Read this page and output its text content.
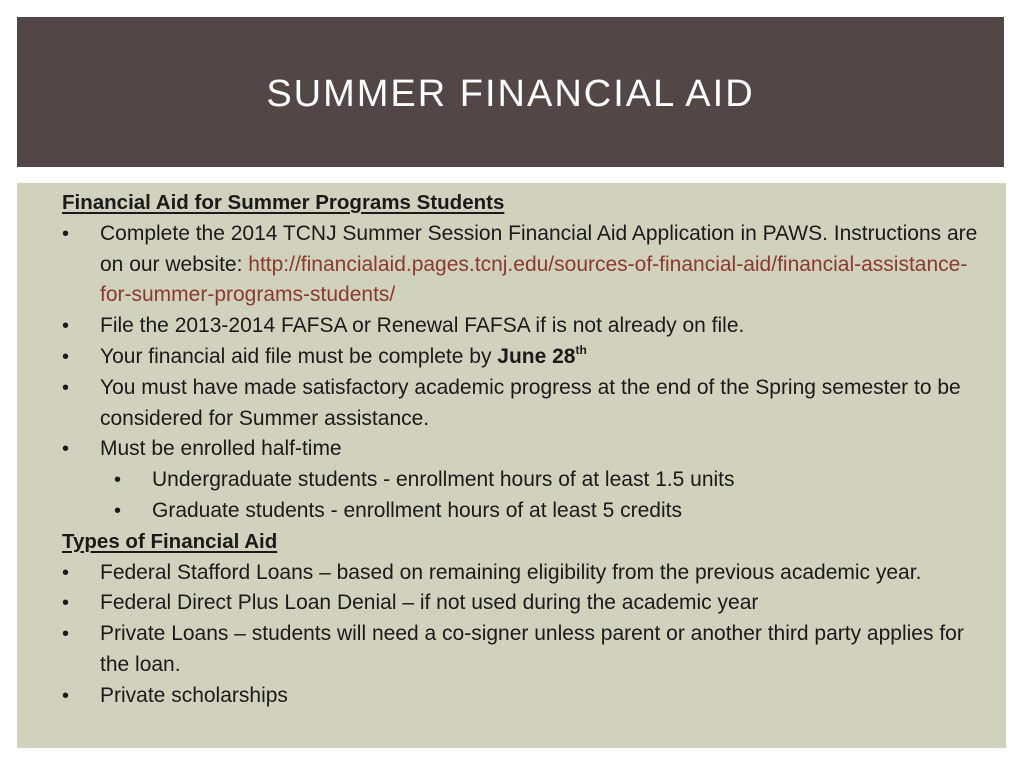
SUMMER FINANCIAL AID
Financial Aid for Summer Programs Students
• Complete the 2014 TCNJ Summer Session Financial Aid Application in PAWS. Instructions are on our website: http://financialaid.pages.tcnj.edu/sources-of-financial-aid/financial-assistance-for-summer-programs-students/
• File the 2013-2014 FAFSA or Renewal FAFSA if is not already on file.
• Your financial aid file must be complete by June 28th
• You must have made satisfactory academic progress at the end of the Spring semester to be considered for Summer assistance.
• Must be enrolled half-time
• Undergraduate students - enrollment hours of at least 1.5 units
• Graduate students - enrollment hours of at least 5 credits
Types of Financial Aid
• Federal Stafford Loans – based on remaining eligibility from the previous academic year.
• Federal Direct Plus Loan Denial – if not used during the academic year
• Private Loans – students will need a co-signer unless parent or another third party applies for the loan.
• Private scholarships
